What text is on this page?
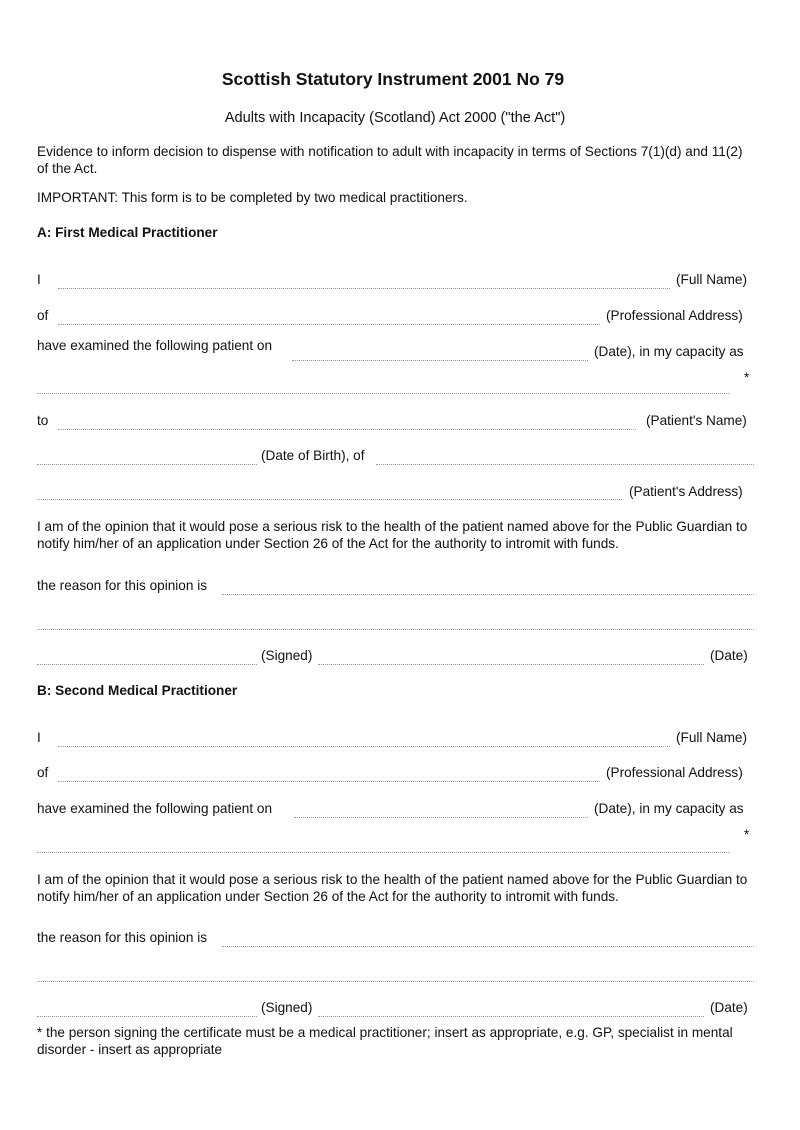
Scottish Statutory Instrument 2001 No 79
Adults with Incapacity (Scotland) Act 2000 ("the Act")
Evidence to inform decision to dispense with notification to adult with incapacity in terms of Sections 7(1)(d) and 11(2) of the Act.
IMPORTANT: This form is to be completed by two medical practitioners.
A: First Medical Practitioner
I	(Full Name)
of	(Professional Address)
have examined the following patient on	(Date), in my capacity as
*
to	(Patient's Name)
(Date of Birth), of
(Patient's Address)
I am of the opinion that it would pose a serious risk to the health of the patient named above for the Public Guardian to notify him/her of an application under Section 26 of the Act for the authority to intromit with funds.
the reason for this opinion is
(Signed)	(Date)
B: Second Medical Practitioner
I	(Full Name)
of	(Professional Address)
have examined the following patient on	(Date), in my capacity as
*
I am of the opinion that it would pose a serious risk to the health of the patient named above for the Public Guardian to notify him/her of an application under Section 26 of the Act for the authority to intromit with funds.
the reason for this opinion is
(Signed)	(Date)
* the person signing the certificate must be a medical practitioner; insert as appropriate, e.g. GP, specialist in mental disorder - insert as appropriate
